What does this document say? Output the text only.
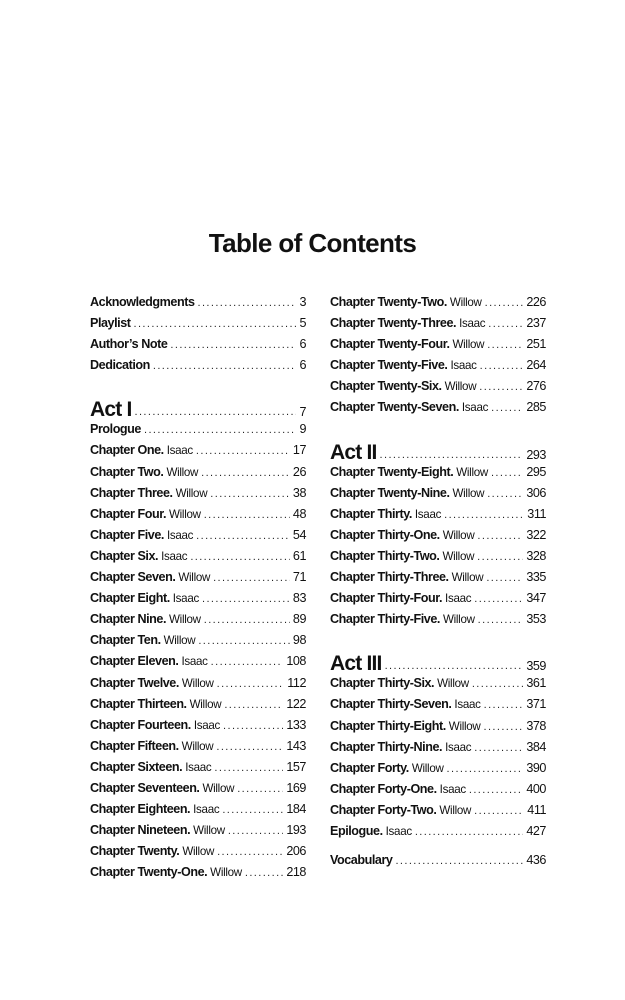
Table of Contents
Acknowledgments .....	3
Playlist .....	5
Author’s Note .....	6
Dedication .....	6
Act I .....	7
Prologue .....	9
Chapter One. Isaac .....	17
Chapter Two. Willow .....	26
Chapter Three. Willow .....	38
Chapter Four. Willow .....	48
Chapter Five. Isaac .....	54
Chapter Six. Isaac .....	61
Chapter Seven. Willow .....	71
Chapter Eight. Isaac .....	83
Chapter Nine. Willow .....	89
Chapter Ten. Willow .....	98
Chapter Eleven. Isaac .....	108
Chapter Twelve. Willow .....	112
Chapter Thirteen. Willow .....	122
Chapter Fourteen. Isaac .....	133
Chapter Fifteen. Willow .....	143
Chapter Sixteen. Isaac .....	157
Chapter Seventeen. Willow .....	169
Chapter Eighteen. Isaac .....	184
Chapter Nineteen. Willow .....	193
Chapter Twenty. Willow .....	206
Chapter Twenty-One. Willow .....	218
Chapter Twenty-Two. Willow .....	226
Chapter Twenty-Three. Isaac .....	237
Chapter Twenty-Four. Willow .....	251
Chapter Twenty-Five. Isaac .....	264
Chapter Twenty-Six. Willow .....	276
Chapter Twenty-Seven. Isaac .....	285
Act II .....	293
Chapter Twenty-Eight. Willow .....	295
Chapter Twenty-Nine. Willow .....	306
Chapter Thirty. Isaac .....	311
Chapter Thirty-One. Willow .....	322
Chapter Thirty-Two. Willow .....	328
Chapter Thirty-Three. Willow .....	335
Chapter Thirty-Four. Isaac .....	347
Chapter Thirty-Five. Willow .....	353
Act III .....	359
Chapter Thirty-Six. Willow .....	361
Chapter Thirty-Seven. Isaac .....	371
Chapter Thirty-Eight. Willow .....	378
Chapter Thirty-Nine. Isaac .....	384
Chapter Forty. Willow .....	390
Chapter Forty-One. Isaac .....	400
Chapter Forty-Two. Willow .....	411
Epilogue. Isaac .....	427
Vocabulary .....	436
